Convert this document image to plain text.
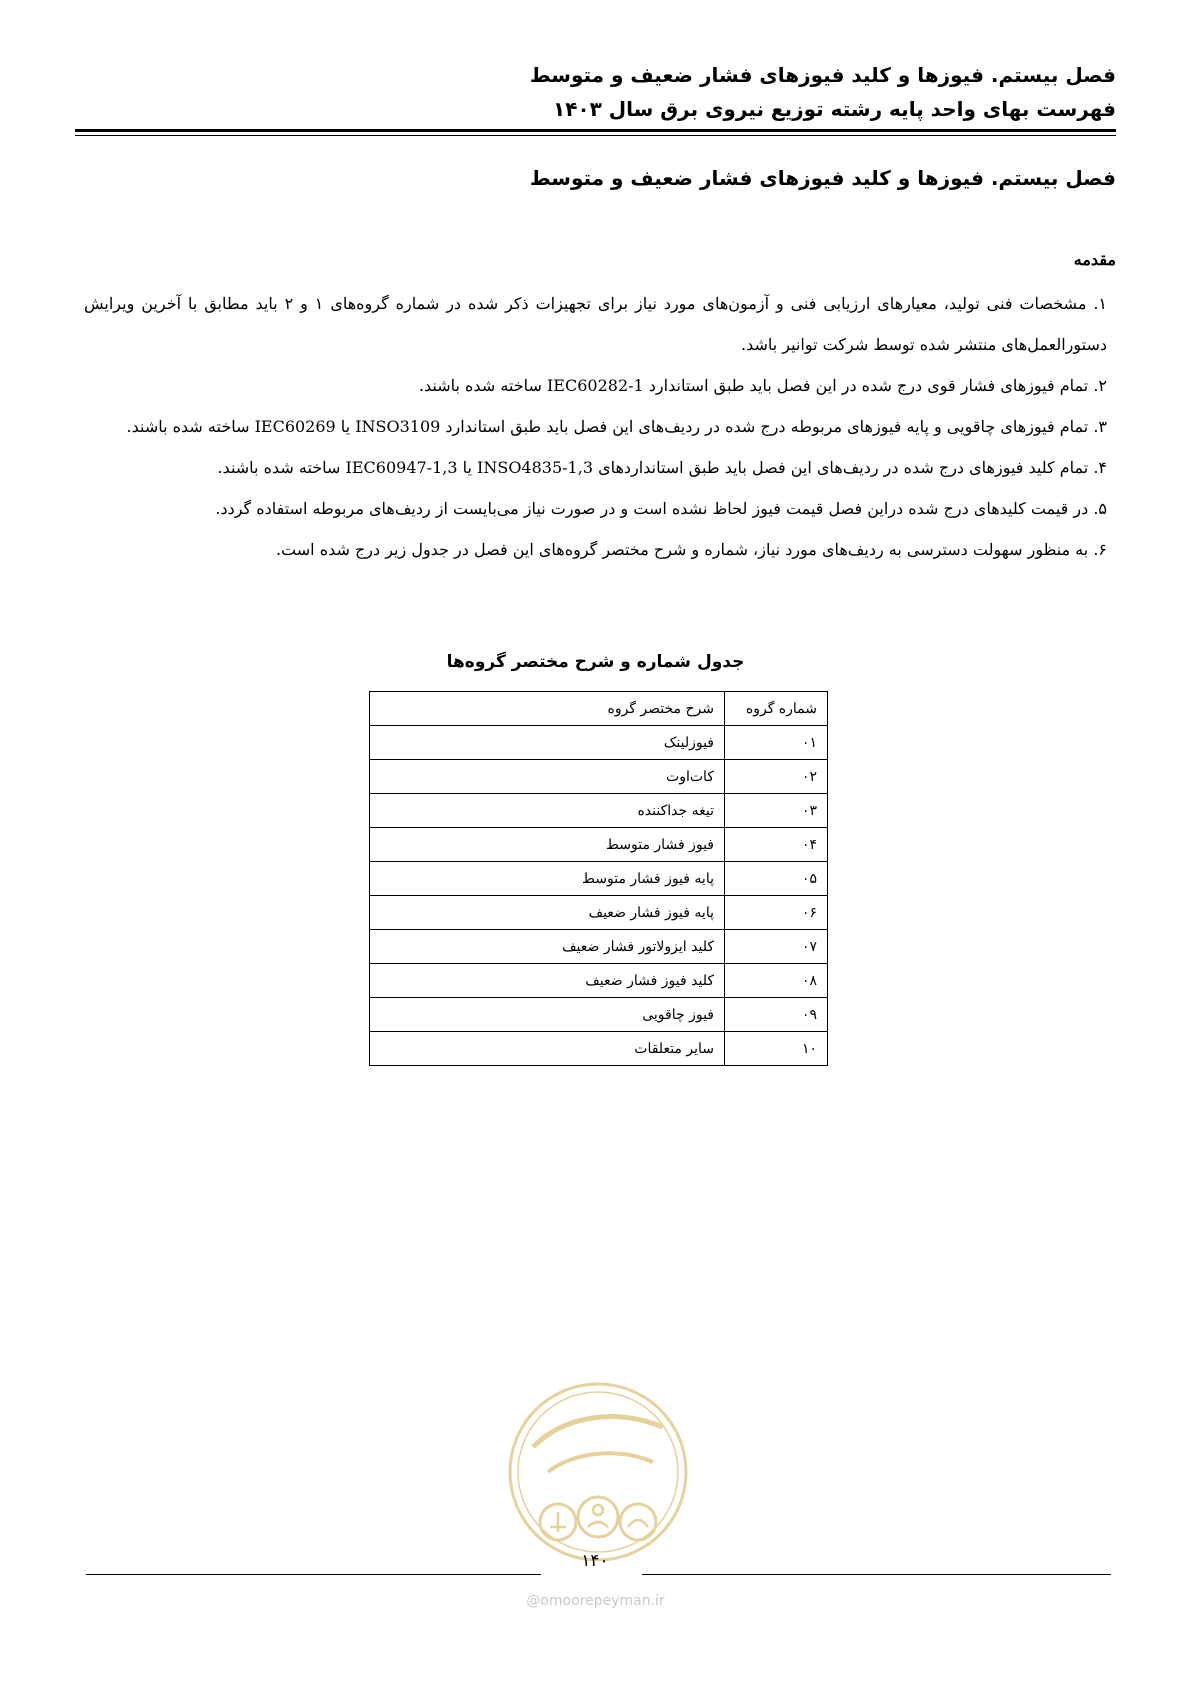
فصل بیستم. فیوزها و کلید فیوزهای فشار ضعیف و متوسط
فهرست بهای واحد پایه رشته توزیع نیروی برق سال ۱۴۰۳
فصل بیستم. فیوزها و کلید فیوزهای فشار ضعیف و متوسط
مقدمه

۱. مشخصات فنی تولید، معیارهای ارزیابی فنی و آزمون‌های مورد نیاز برای تجهیزات ذکر شده در شماره گروه‌های ۱ و ۲ باید مطابق با آخرین ویرایش دستورالعمل‌های منتشر شده توسط شرکت توانیر باشد.

۲. تمام فیوزهای فشار قوی درج شده در این فصل باید طبق استاندارد IEC60282-1 ساخته شده باشند.

۳. تمام فیوزهای چاقویی و پایه فیوزهای مربوطه درج شده در ردیف‌های این فصل باید طبق استاندارد INSO3109 یا IEC60269 ساخته شده باشند.

۴. تمام کلید فیوزهای درج شده در ردیف‌های این فصل باید طبق استانداردهای INSO4835-1,3 یا IEC60947-1,3 ساخته شده باشند.

۵. در قیمت کلیدهای درج شده دراین فصل قیمت فیوز لحاظ نشده است و در صورت نیاز می‌بایست از ردیف‌های مربوطه استفاده گردد.

۶. به منظور سهولت دسترسی به ردیف‌های مورد نیاز، شماره و شرح مختصر گروه‌های این فصل در جدول زیر درج شده است.

جدول شماره و شرح مختصر گروه‌ها
شماره گروه	شرح مختصر گروه
۰۱	فیوزلینک
۰۲	کات‌اوت
۰۳	تیغه جداکننده
۰۴	فیوز فشار متوسط
۰۵	پایه فیوز فشار متوسط
۰۶	پایه فیوز فشار ضعیف
۰۷	کلید ایزولاتور فشار ضعیف
۰۸	کلید فیوز فشار ضعیف
۰۹	فیوز چاقویی
۱۰	سایر متعلقات
۱۴۰
@omoorepeyman.ir
